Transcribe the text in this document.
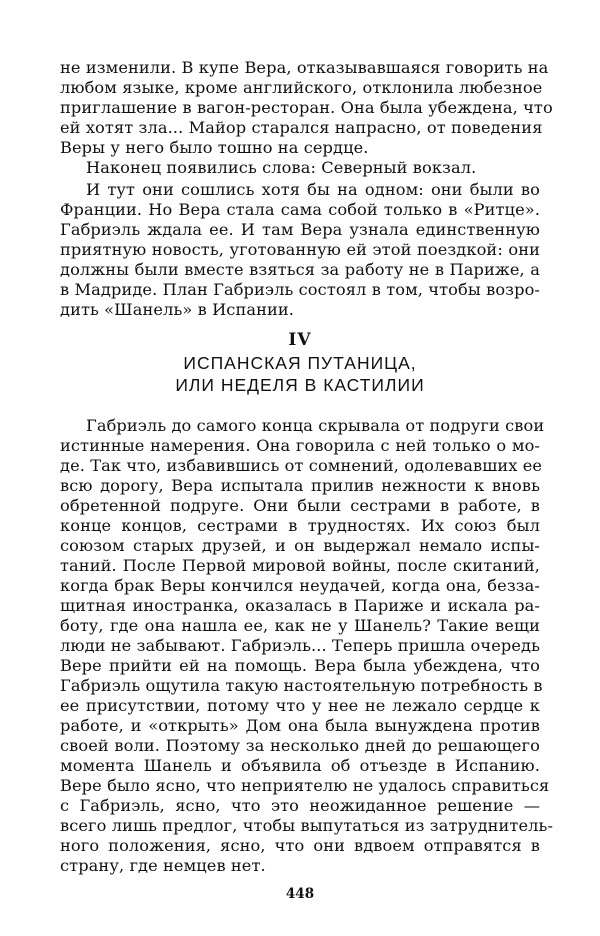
не изменили. В купе Вера, отказывавшаяся говорить на
любом языке, кроме английского, отклонила любезное
приглашение в вагон-ресторан. Она была убеждена, что
ей хотят зла... Майор старался напрасно, от поведения
Веры у него было тошно на сердце.
Наконец появились слова: Северный вокзал.
И тут они сошлись хотя бы на одном: они были во
Франции. Но Вера стала сама собой только в «Ритце».
Габриэль ждала ее. И там Вера узнала единственную
приятную новость, уготованную ей этой поездкой: они
должны были вместе взяться за работу не в Париже, а
в Мадриде. План Габриэль состоял в том, чтобы возро-
дить «Шанель» в Испании.
IV
ИСПАНСКАЯ ПУТАНИЦА,
ИЛИ НЕДЕЛЯ В КАСТИЛИИ
Габриэль до самого конца скрывала от подруги свои
истинные намерения. Она говорила с ней только о мо-
де. Так что, избавившись от сомнений, одолевавших ее
всю дорогу, Вера испытала прилив нежности к вновь
обретенной подруге. Они были сестрами в работе, в
конце концов, сестрами в трудностях. Их союз был
союзом старых друзей, и он выдержал немало испы-
таний. После Первой мировой войны, после скитаний,
когда брак Веры кончился неудачей, когда она, безза-
щитная иностранка, оказалась в Париже и искала ра-
боту, где она нашла ее, как не у Шанель? Такие вещи
люди не забывают. Габриэль... Теперь пришла очередь
Вере прийти ей на помощь. Вера была убеждена, что
Габриэль ощутила такую настоятельную потребность в
ее присутствии, потому что у нее не лежало сердце к
работе, и «открыть» Дом она была вынуждена против
своей воли. Поэтому за несколько дней до решающего
момента Шанель и объявила об отъезде в Испанию.
Вере было ясно, что неприятелю не удалось справиться
с Габриэль, ясно, что это неожиданное решение —
всего лишь предлог, чтобы выпутаться из затруднитель-
ного положения, ясно, что они вдвоем отправятся в
страну, где немцев нет.
448
